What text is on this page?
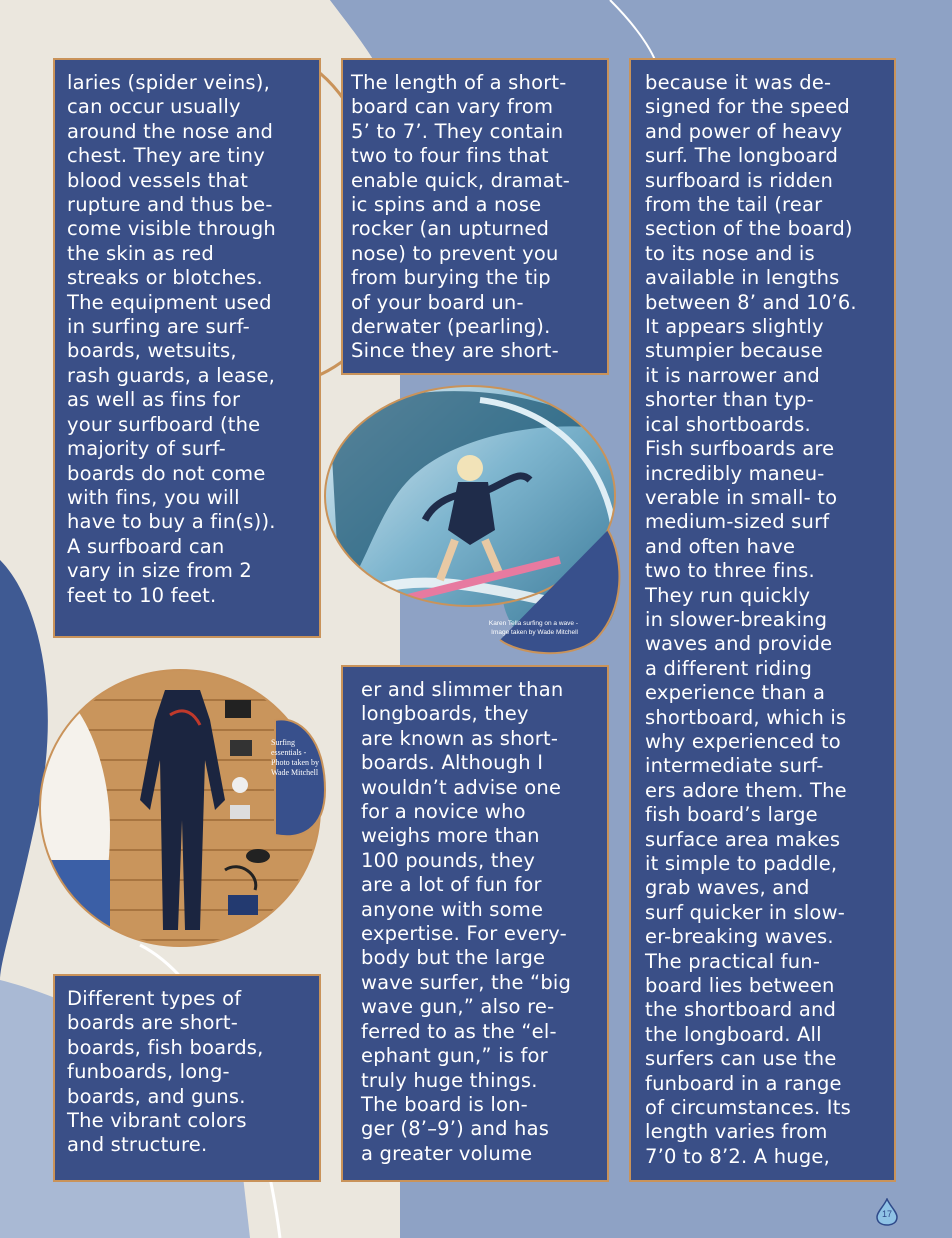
laries (spider veins),
can occur usually
around the nose and
chest. They are tiny
blood vessels that
rupture and thus be-
come visible through
the skin as red
streaks or blotches.
The equipment used
in surfing are surf-
boards, wetsuits,
rash guards, a lease,
as well as fins for
your surfboard (the
majority of surf-
boards do not come
with fins, you will
have to buy a fin(s)).
A surfboard can
vary in size from 2
feet to 10 feet.
The length of a short-
board can vary from
5’ to 7’. They contain
two to four fins that
enable quick, dramat-
ic spins and a nose
rocker (an upturned
nose) to prevent you
from burying the tip
of your board un-
derwater (pearling).
Since they are short-
because it was de-
signed for the speed
and power of heavy
surf. The longboard
surfboard is ridden
from the tail (rear
section of the board)
to its nose and is
available in lengths
between 8’ and 10’6.
It appears slightly
stumpier because
it is narrower and
shorter than typ-
ical shortboards.
Fish surfboards are
incredibly maneu-
verable in small- to
medium-sized surf
and often have
two to three fins.
They run quickly
in slower-breaking
waves and provide
a different riding
experience than a
shortboard, which is
why experienced to
intermediate surf-
ers adore them. The
fish board’s large
surface area makes
it simple to paddle,
grab waves, and
surf quicker in slow-
er-breaking waves.
The practical fun-
board lies between
the shortboard and
the longboard. All
surfers can use the
funboard in a range
of circumstances. Its
length varies from
7’0 to 8’2. A huge,
er and slimmer than
longboards, they
are known as short-
boards. Although I
wouldn’t advise one
for a novice who
weighs more than
100 pounds, they
are a lot of fun for
anyone with some
expertise. For every-
body but the large
wave surfer, the “big
wave gun,” also re-
ferred to as the “el-
ephant gun,” is for
truly huge things.
The board is lon-
ger (8’–9’) and has
a greater volume
Different types of
boards are short-
boards, fish boards,
funboards, long-
boards, and guns.
The vibrant colors
and structure.
Karen Tella surfing on a wave -
Image taken by Wade Mitchell
Surfing
essentials -
Photo taken by
Wade Mitchell
17
